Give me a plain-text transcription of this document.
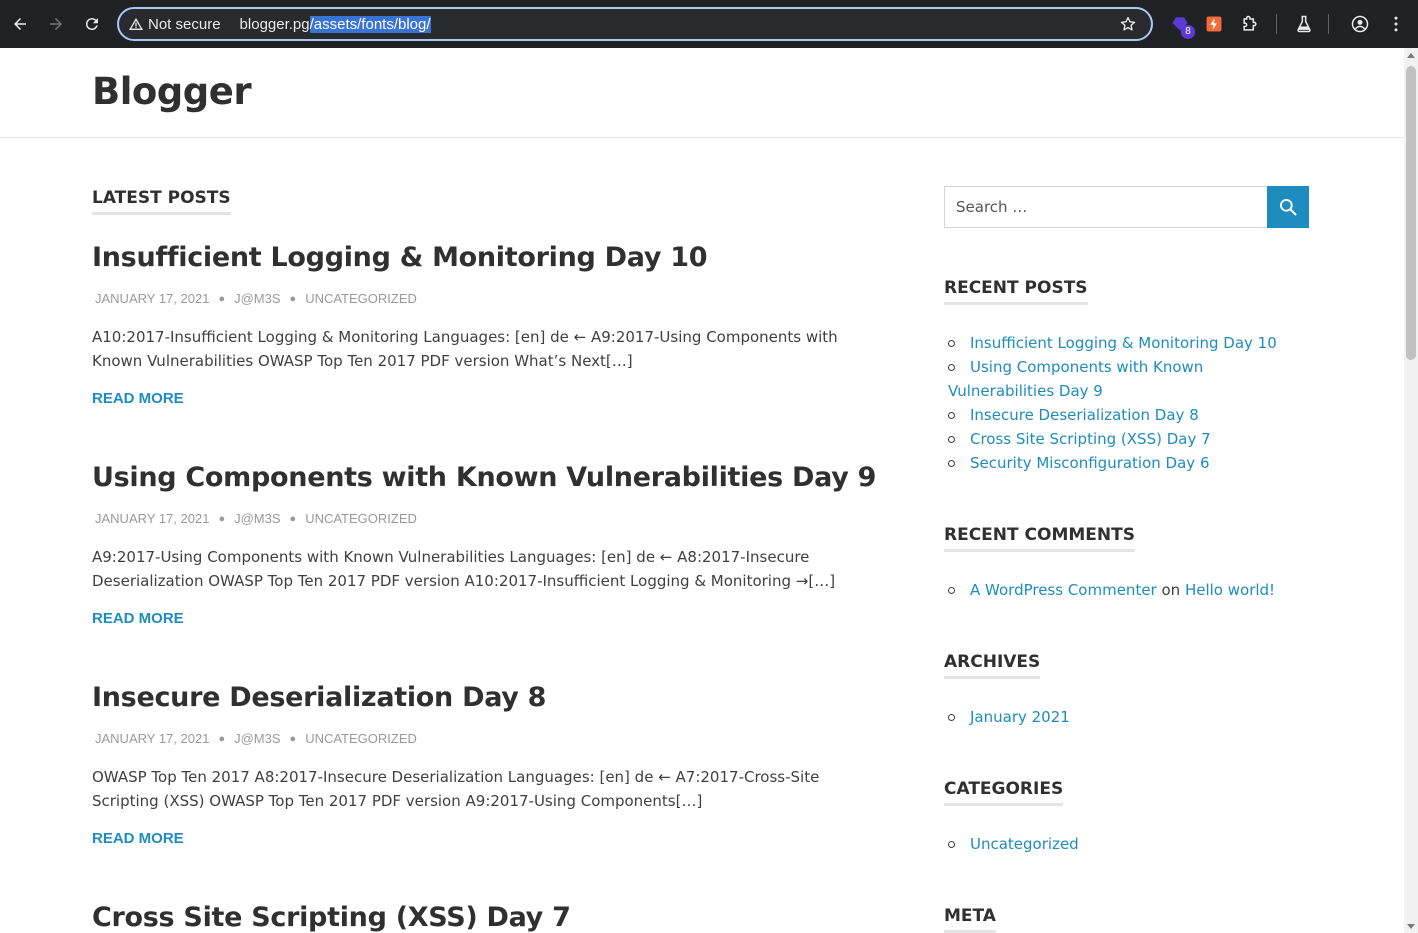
Not secure blogger.pg/assets/fonts/blog/	8
Blogger
LATEST POSTS
Insufficient Logging & Monitoring Day 10
JANUARY 17, 2021 ● J@M3S ● UNCATEGORIZED
A10:2017-Insufficient Logging & Monitoring Languages: [en] de ← A9:2017-Using Components with Known Vulnerabilities OWASP Top Ten 2017 PDF version What’s Next[…]
READ MORE
Using Components with Known Vulnerabilities Day 9
JANUARY 17, 2021 ● J@M3S ● UNCATEGORIZED
A9:2017-Using Components with Known Vulnerabilities Languages: [en] de ← A8:2017-Insecure Deserialization OWASP Top Ten 2017 PDF version A10:2017-Insufficient Logging & Monitoring →[…]
READ MORE
Insecure Deserialization Day 8
JANUARY 17, 2021 ● J@M3S ● UNCATEGORIZED
OWASP Top Ten 2017 A8:2017-Insecure Deserialization Languages: [en] de ← A7:2017-Cross-Site Scripting (XSS) OWASP Top Ten 2017 PDF version A9:2017-Using Components[…]
READ MORE
Cross Site Scripting (XSS) Day 7
Search …
RECENT POSTS
Insufficient Logging & Monitoring Day 10
Using Components with Known Vulnerabilities Day 9
Insecure Deserialization Day 8
Cross Site Scripting (XSS) Day 7
Security Misconfiguration Day 6
RECENT COMMENTS
A WordPress Commenter on Hello world!
ARCHIVES
January 2021
CATEGORIES
Uncategorized
META
